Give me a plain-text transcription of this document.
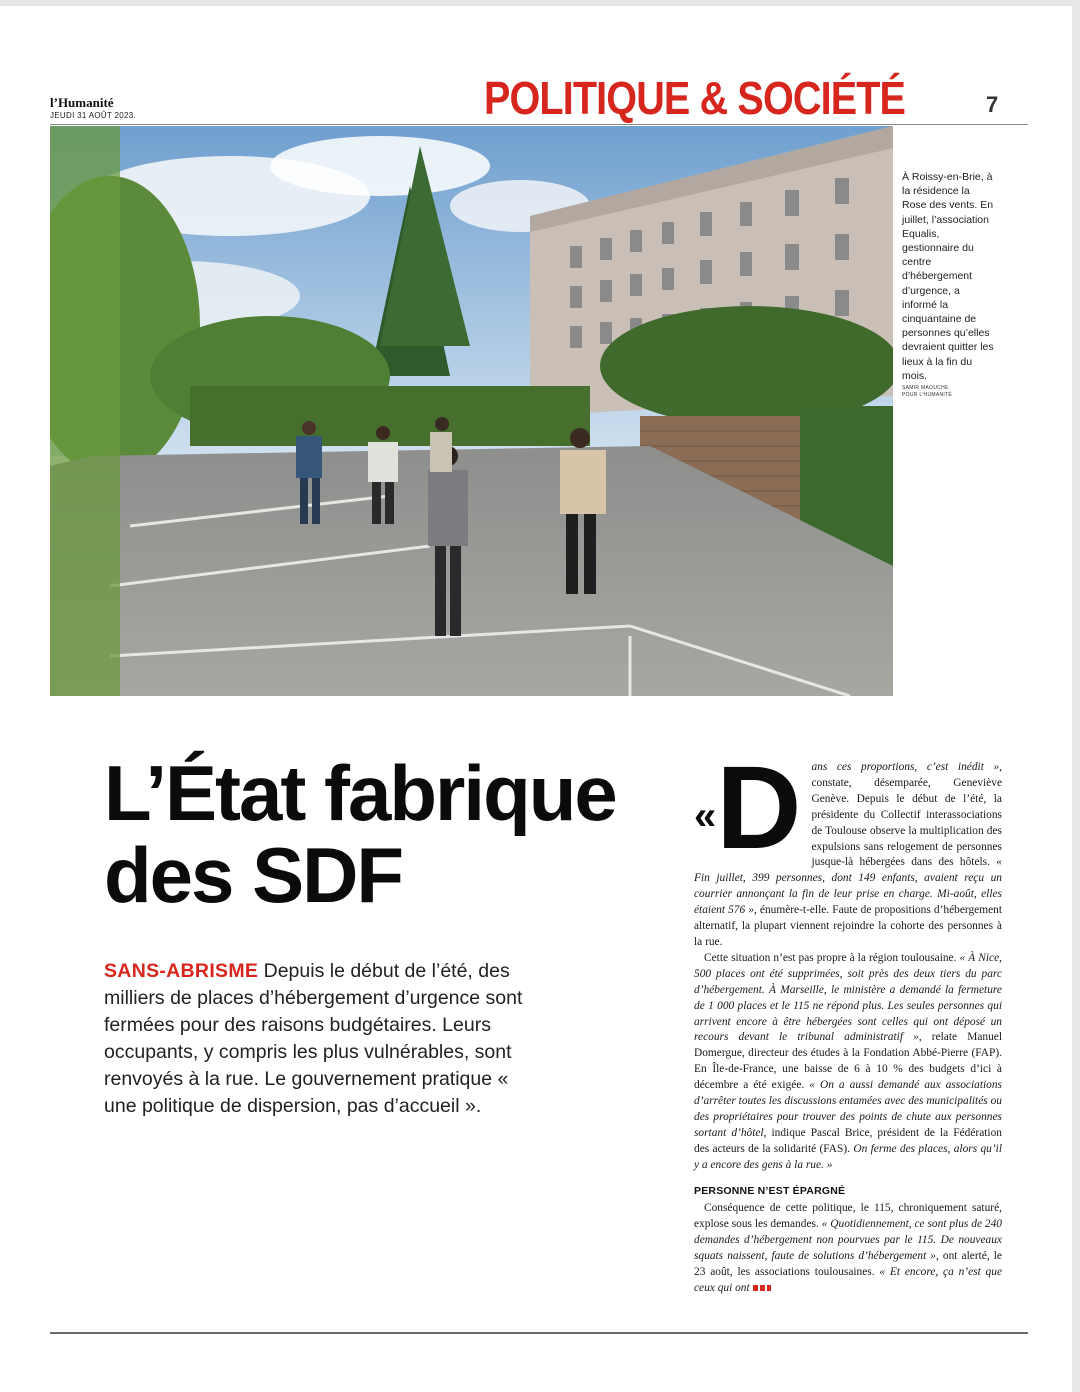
l’Humanité
JEUDI 31 AOÛT 2023.	POLITIQUE & SOCIÉTÉ	7
À Roissy-en-Brie, à la résidence la Rose des vents. En juillet, l’association Equalis, gestionnaire du centre d’hébergement d’urgence, a informé la cinquantaine de personnes qu’elles devraient quitter les lieux à la fin du mois.
SAMIR MAOUCHE
POUR L’HUMANITÉ
L’État fabrique
des SDF
SANS-ABRISME Depuis le début de l’été, des milliers de places d’hébergement d’urgence sont fermées pour des raisons budgétaires. Leurs occupants, y compris les plus vulnérables, sont renvoyés à la rue. Le gouvernement pratique « une politique de dispersion, pas d’accueil ».
« D ans ces proportions, c’est inédit », constate, désemparée, Geneviève Genève. Depuis le début de l’été, la présidente du Collectif interassociations de Toulouse observe la multiplication des expulsions sans relogement de personnes jusque-là hébergées dans des hôtels. « Fin juillet, 399 personnes, dont 149 enfants, avaient reçu un courrier annonçant la fin de leur prise en charge. Mi-août, elles étaient 576 », énumère-t-elle. Faute de propositions d’hébergement alternatif, la plupart viennent rejoindre la cohorte des personnes à la rue.

Cette situation n’est pas propre à la région toulousaine. « À Nice, 500 places ont été supprimées, soit près des deux tiers du parc d’hébergement. À Marseille, le ministère a demandé la fermeture de 1 000 places et le 115 ne répond plus. Les seules personnes qui arrivent encore à être hébergées sont celles qui ont déposé un recours devant le tribunal administratif », relate Manuel Domergue, directeur des études à la Fondation Abbé-Pierre (FAP). En Île-de-France, une baisse de 6 à 10 % des budgets d’ici à décembre a été exigée. « On a aussi demandé aux associations d’arrêter toutes les discussions entamées avec des municipalités ou des propriétaires pour trouver des points de chute aux personnes sortant d’hôtel, indique Pascal Brice, président de la Fédération des acteurs de la solidarité (FAS). On ferme des places, alors qu’il y a encore des gens à la rue. »

PERSONNE N’EST ÉPARGNÉ

Conséquence de cette politique, le 115, chroniquement saturé, explose sous les demandes. « Quotidiennement, ce sont plus de 240 demandes d’hébergement non pourvues par le 115. De nouveaux squats naissent, faute de solutions d’hébergement », ont alerté, le 23 août, les associations toulousaines. « Et encore, ça n’est que ceux qui ont
